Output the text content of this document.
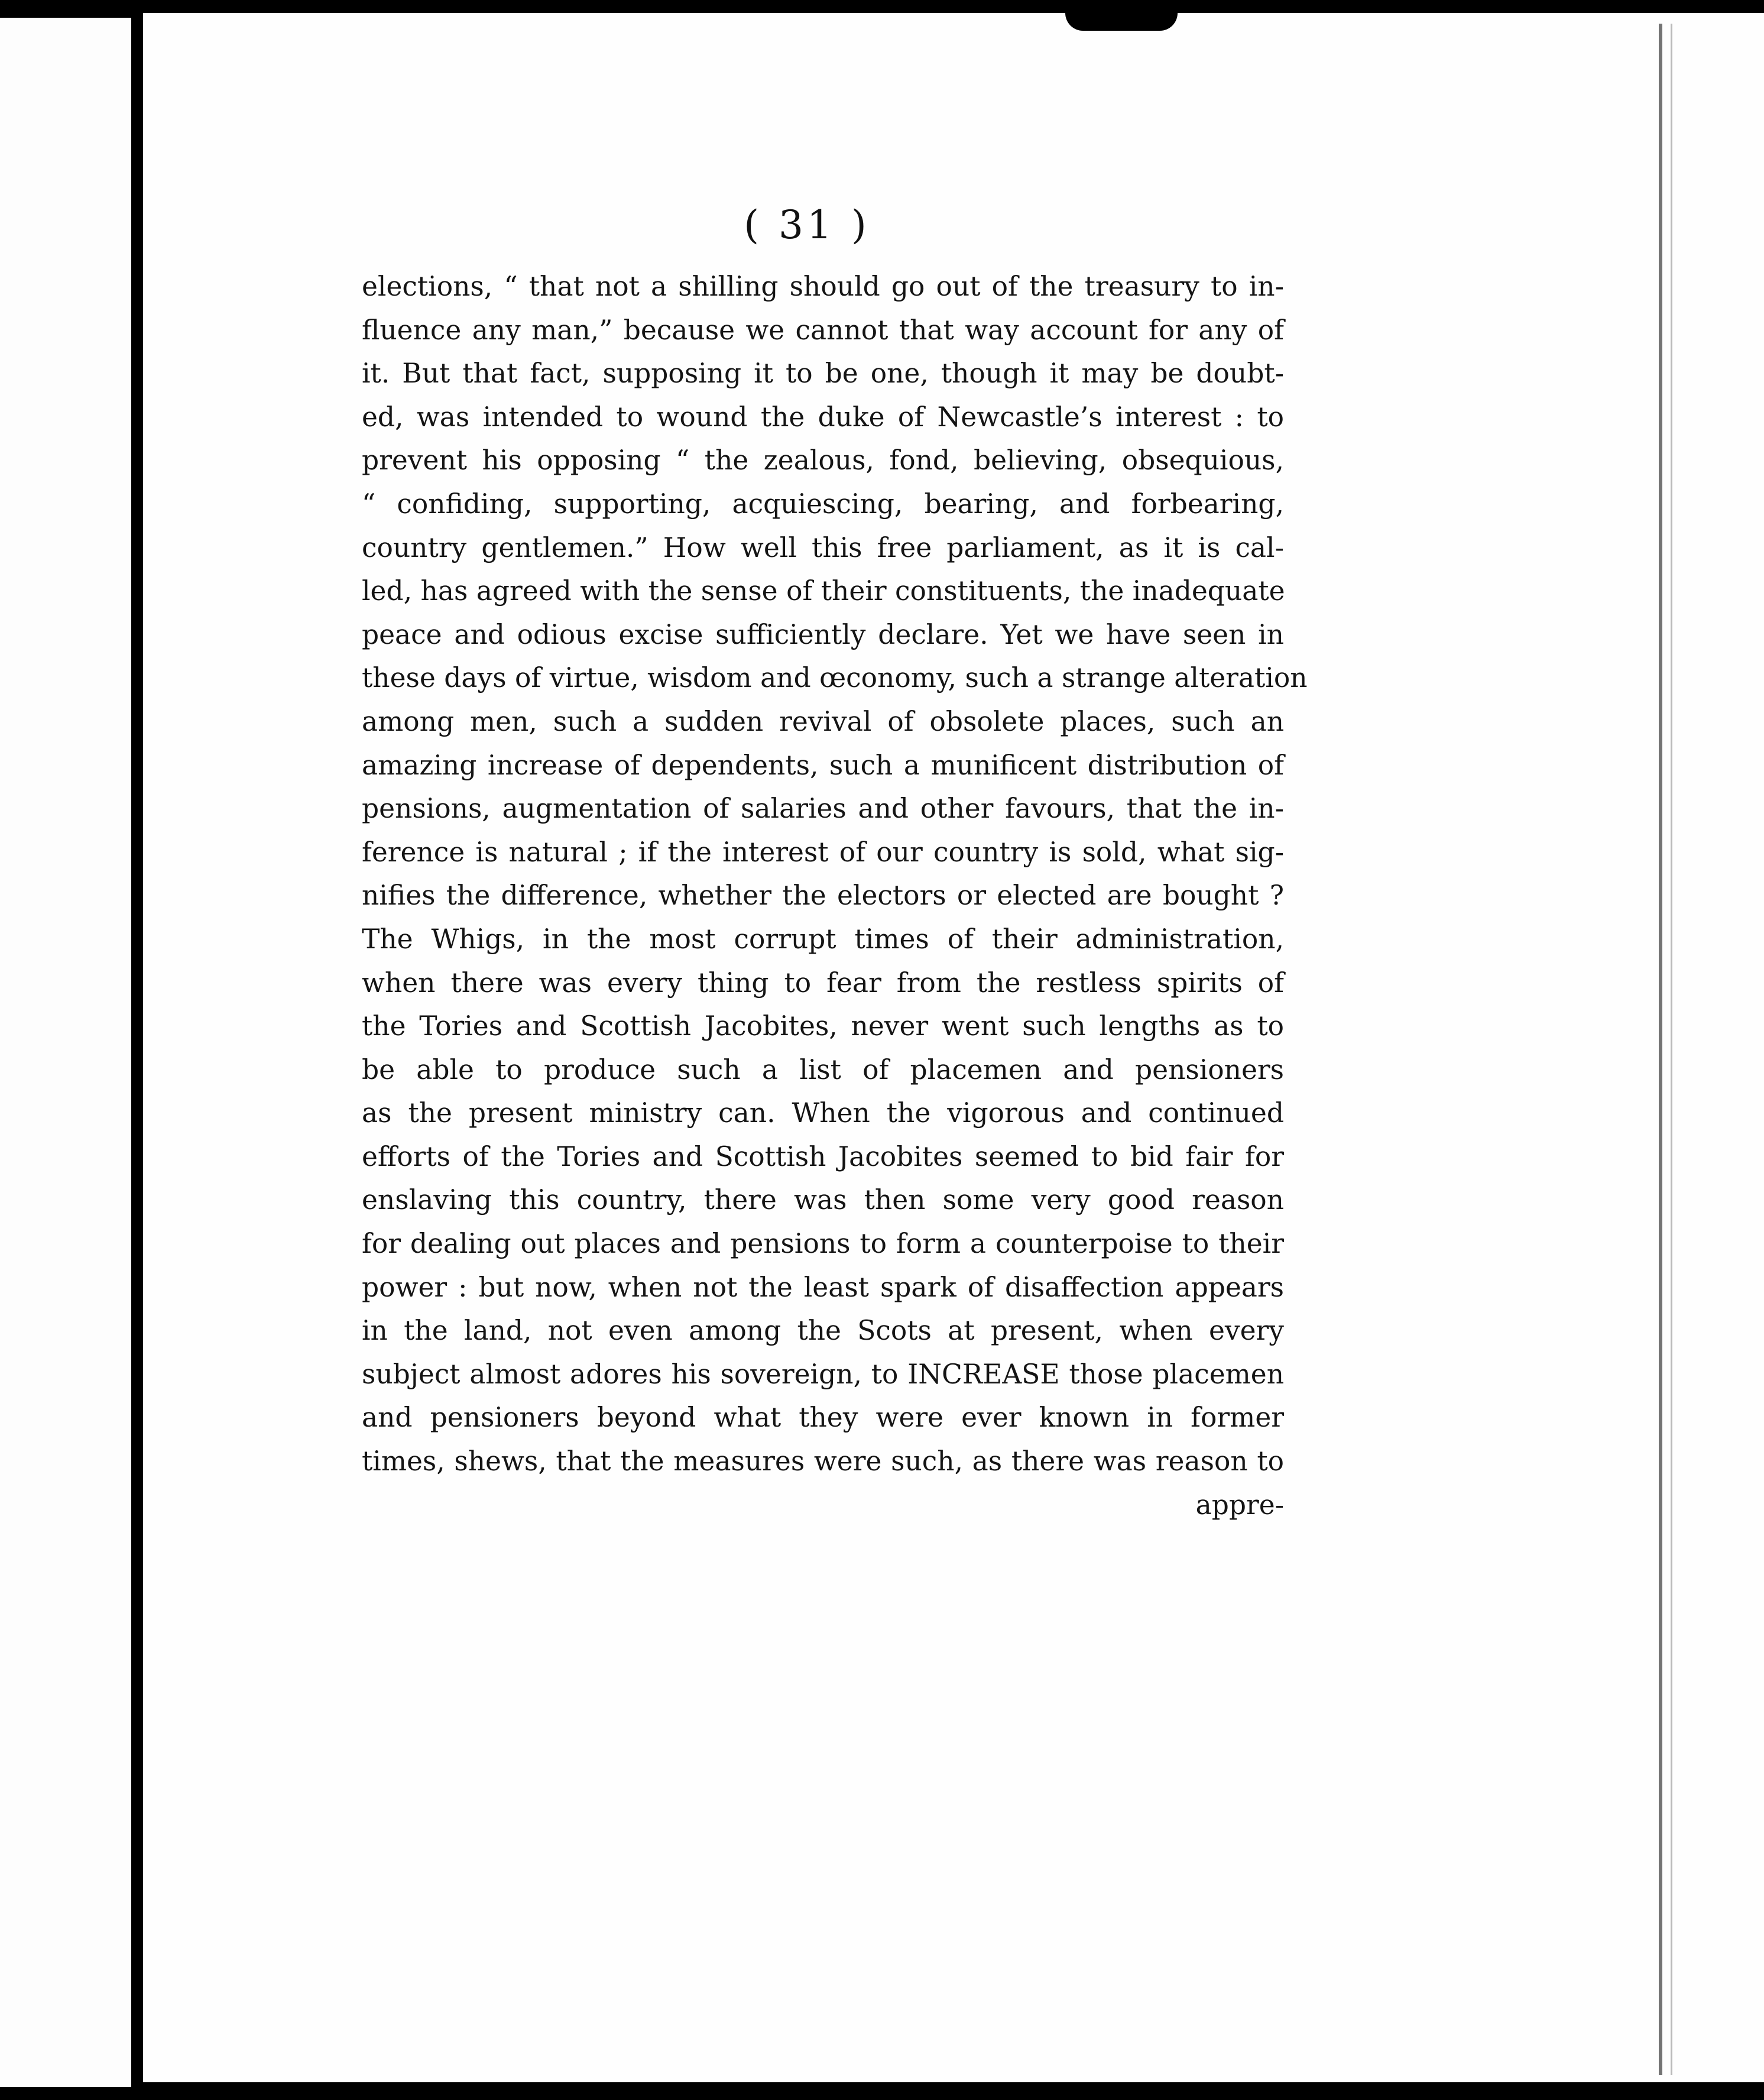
( 31 )
elections, “ that not a shilling should go out of the treasury to in-
fluence any man,” because we cannot that way account for any of
it. But that fact, supposing it to be one, though it may be doubt-
ed, was intended to wound the duke of Newcastle’s interest : to
prevent his opposing “ the zealous, fond, believing, obsequious,
“ confiding, supporting, acquiescing, bearing, and forbearing,
country gentlemen.” How well this free parliament, as it is cal-
led, has agreed with the sense of their constituents, the inadequate
peace and odious excise sufficiently declare. Yet we have seen in
these days of virtue, wisdom and œconomy, such a strange alteration
among men, such a sudden revival of obsolete places, such an
amazing increase of dependents, such a munificent distribution of
pensions, augmentation of salaries and other favours, that the in-
ference is natural ; if the interest of our country is sold, what sig-
nifies the difference, whether the electors or elected are bought ?
The Whigs, in the most corrupt times of their administration,
when there was every thing to fear from the restless spirits of
the Tories and Scottish Jacobites, never went such lengths as to
be able to produce such a list of placemen and pensioners
as the present ministry can. When the vigorous and continued
efforts of the Tories and Scottish Jacobites seemed to bid fair for
enslaving this country, there was then some very good reason
for dealing out places and pensions to form a counterpoise to their
power : but now, when not the least spark of disaffection appears
in the land, not even among the Scots at present, when every
subject almost adores his sovereign, to INCREASE those placemen
and pensioners beyond what they were ever known in former
times, shews, that the measures were such, as there was reason to
appre-
